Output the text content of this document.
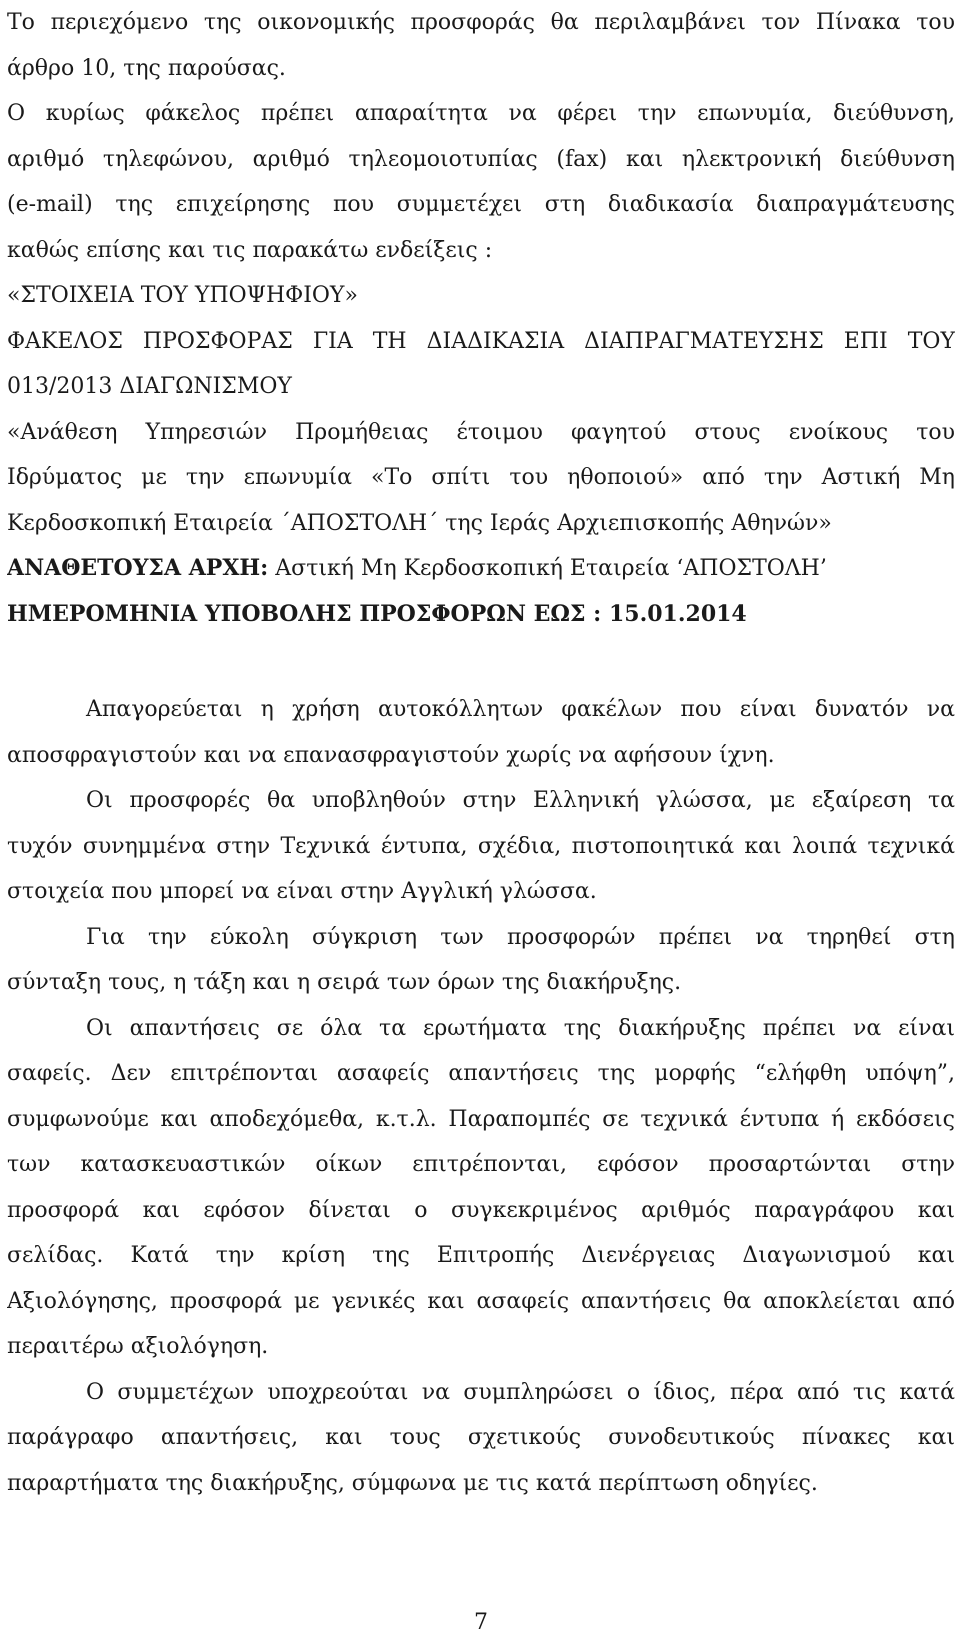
Το περιεχόμενο της οικονομικής προσφοράς θα περιλαμβάνει τον Πίνακα του
άρθρο 10, της παρούσας.
Ο κυρίως φάκελος πρέπει απαραίτητα να φέρει την επωνυμία, διεύθυνση,
αριθμό τηλεφώνου, αριθμό τηλεομοιοτυπίας (fax) και ηλεκτρονική διεύθυνση
(e-mail) της επιχείρησης που συμμετέχει στη διαδικασία διαπραγμάτευσης
καθώς επίσης και τις παρακάτω ενδείξεις :
«ΣΤΟΙΧΕΙΑ ΤΟΥ ΥΠΟΨΗΦΙΟΥ»
ΦΑΚΕΛΟΣ ΠΡΟΣΦΟΡΑΣ ΓΙΑ ΤΗ ΔΙΑΔΙΚΑΣΙΑ ΔΙΑΠΡΑΓΜΑΤΕΥΣΗΣ ΕΠΙ ΤΟΥ
013/2013 ΔΙΑΓΩΝΙΣΜΟΥ
«Ανάθεση Υπηρεσιών Προμήθειας έτοιμου φαγητού στους ενοίκους του
Ιδρύματος με την επωνυμία «Το σπίτι του ηθοποιού» από την Αστική Μη
Κερδοσκοπική Εταιρεία ΄ΑΠΟΣΤΟΛΗ΄ της Ιεράς Αρχιεπισκοπής Αθηνών»
ΑΝΑΘΕΤΟΥΣΑ ΑΡΧΗ: Αστική Μη Κερδοσκοπική Εταιρεία ‘ΑΠΟΣΤΟΛΗ’
ΗΜΕΡΟΜΗΝΙΑ ΥΠΟΒΟΛΗΣ ΠΡΟΣΦΟΡΩΝ ΕΩΣ : 15.01.2014
Απαγορεύεται η χρήση αυτοκόλλητων φακέλων που είναι δυνατόν να
αποσφραγιστούν και να επανασφραγιστούν χωρίς να αφήσουν ίχνη.
Οι προσφορές θα υποβληθούν στην Ελληνική γλώσσα, με εξαίρεση τα
τυχόν συνημμένα στην Τεχνικά έντυπα, σχέδια, πιστοποιητικά και λοιπά τεχνικά
στοιχεία που μπορεί να είναι στην Αγγλική γλώσσα.
Για την εύκολη σύγκριση των προσφορών πρέπει να τηρηθεί στη
σύνταξη τους, η τάξη και η σειρά των όρων της διακήρυξης.
Οι απαντήσεις σε όλα τα ερωτήματα της διακήρυξης πρέπει να είναι
σαφείς. Δεν επιτρέπονται ασαφείς απαντήσεις της μορφής “ελήφθη υπόψη”,
συμφωνούμε και αποδεχόμεθα, κ.τ.λ. Παραπομπές σε τεχνικά έντυπα ή εκδόσεις
των κατασκευαστικών οίκων επιτρέπονται, εφόσον προσαρτώνται στην
προσφορά και εφόσον δίνεται ο συγκεκριμένος αριθμός παραγράφου και
σελίδας. Κατά την κρίση της Επιτροπής Διενέργειας Διαγωνισμού και
Αξιολόγησης, προσφορά με γενικές και ασαφείς απαντήσεις θα αποκλείεται από
περαιτέρω αξιολόγηση.
Ο συμμετέχων υποχρεούται να συμπληρώσει ο ίδιος, πέρα από τις κατά
παράγραφο απαντήσεις, και τους σχετικούς συνοδευτικούς πίνακες και
παραρτήματα της διακήρυξης, σύμφωνα με τις κατά περίπτωση οδηγίες.
7
